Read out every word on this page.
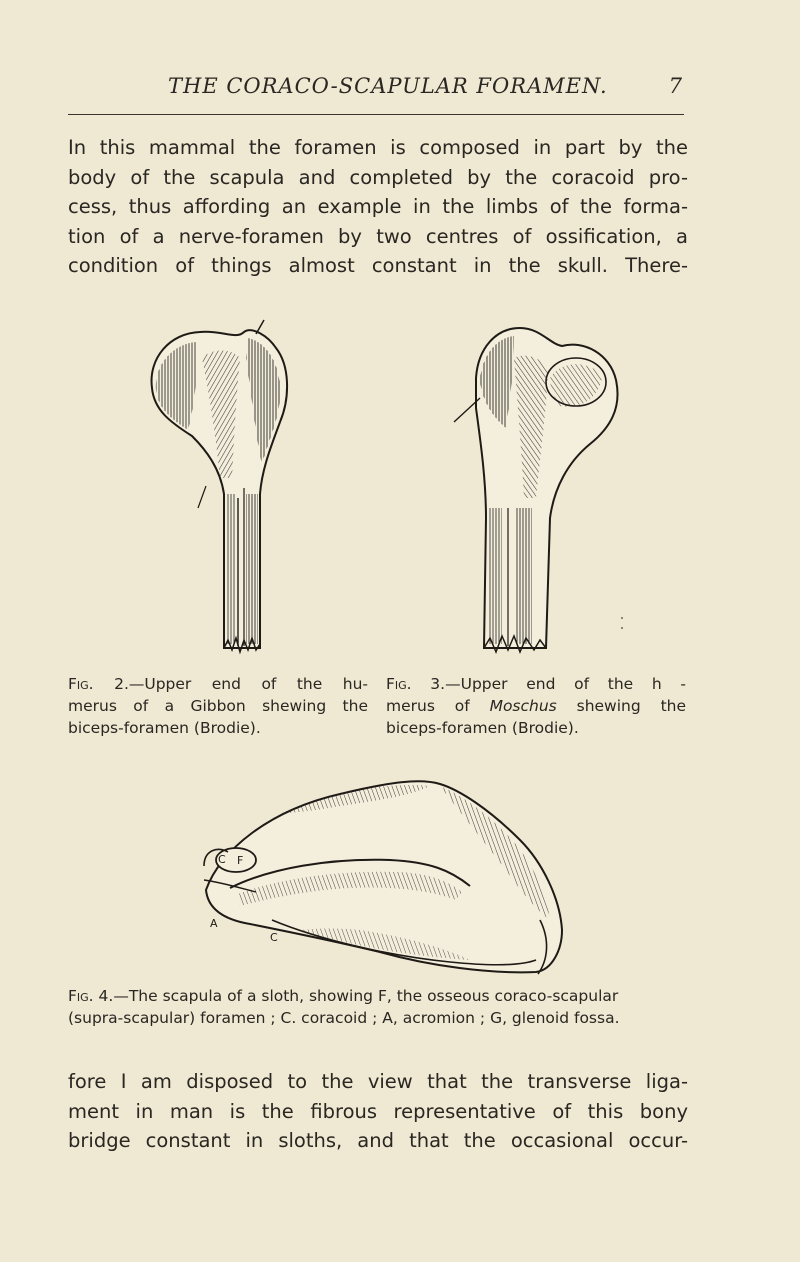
THE CORACO-SCAPULAR FORAMEN.	7
In this mammal the foramen is composed in part by the
body of the scapula and completed by the coracoid pro-
cess, thus affording an example in the limbs of the forma-
tion of a nerve-foramen by two centres of ossification, a
condition of things almost constant in the skull. There-
Fig. 2.—Upper end of the hu-
merus of a Gibbon shewing the
biceps-foramen (Brodie).
Fig. 3.—Upper end of the h -
merus of Moschus shewing the
biceps-foramen (Brodie).
C F
A
C
Fig. 4.—The scapula of a sloth, showing F, the osseous coraco-scapular
(supra-scapular) foramen ; C. coracoid ; A, acromion ; G, glenoid fossa.
fore I am disposed to the view that the transverse liga-
ment in man is the fibrous representative of this bony
bridge constant in sloths, and that the occasional occur-
